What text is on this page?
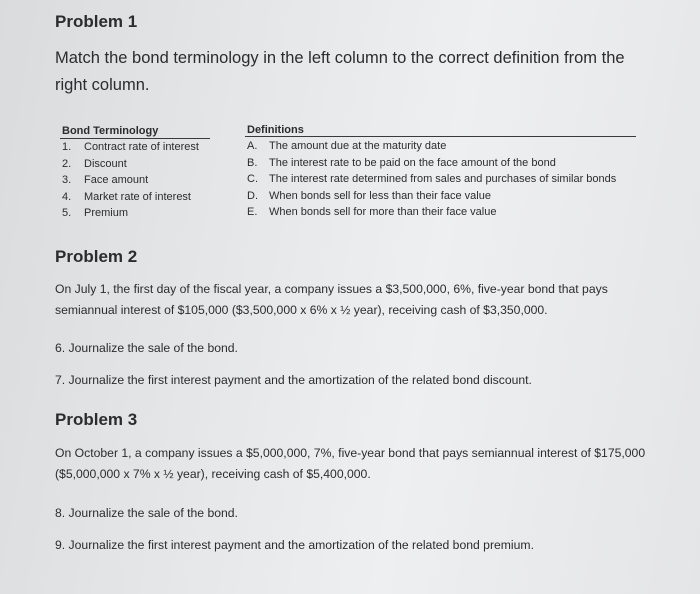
Problem 1
Match the bond terminology in the left column to the correct definition from the right column.
Bond Terminology
1. Contract rate of interest
2. Discount
3. Face amount
4. Market rate of interest
5. Premium
Definitions
A. The amount due at the maturity date
B. The interest rate to be paid on the face amount of the bond
C. The interest rate determined from sales and purchases of similar bonds
D. When bonds sell for less than their face value
E. When bonds sell for more than their face value
Problem 2
On July 1, the first day of the fiscal year, a company issues a $3,500,000, 6%, five-year bond that pays semiannual interest of $105,000 ($3,500,000 x 6% x ½ year), receiving cash of $3,350,000.
6. Journalize the sale of the bond.
7. Journalize the first interest payment and the amortization of the related bond discount.
Problem 3
On October 1, a company issues a $5,000,000, 7%, five-year bond that pays semiannual interest of $175,000 ($5,000,000 x 7% x ½ year), receiving cash of $5,400,000.
8. Journalize the sale of the bond.
9. Journalize the first interest payment and the amortization of the related bond premium.
